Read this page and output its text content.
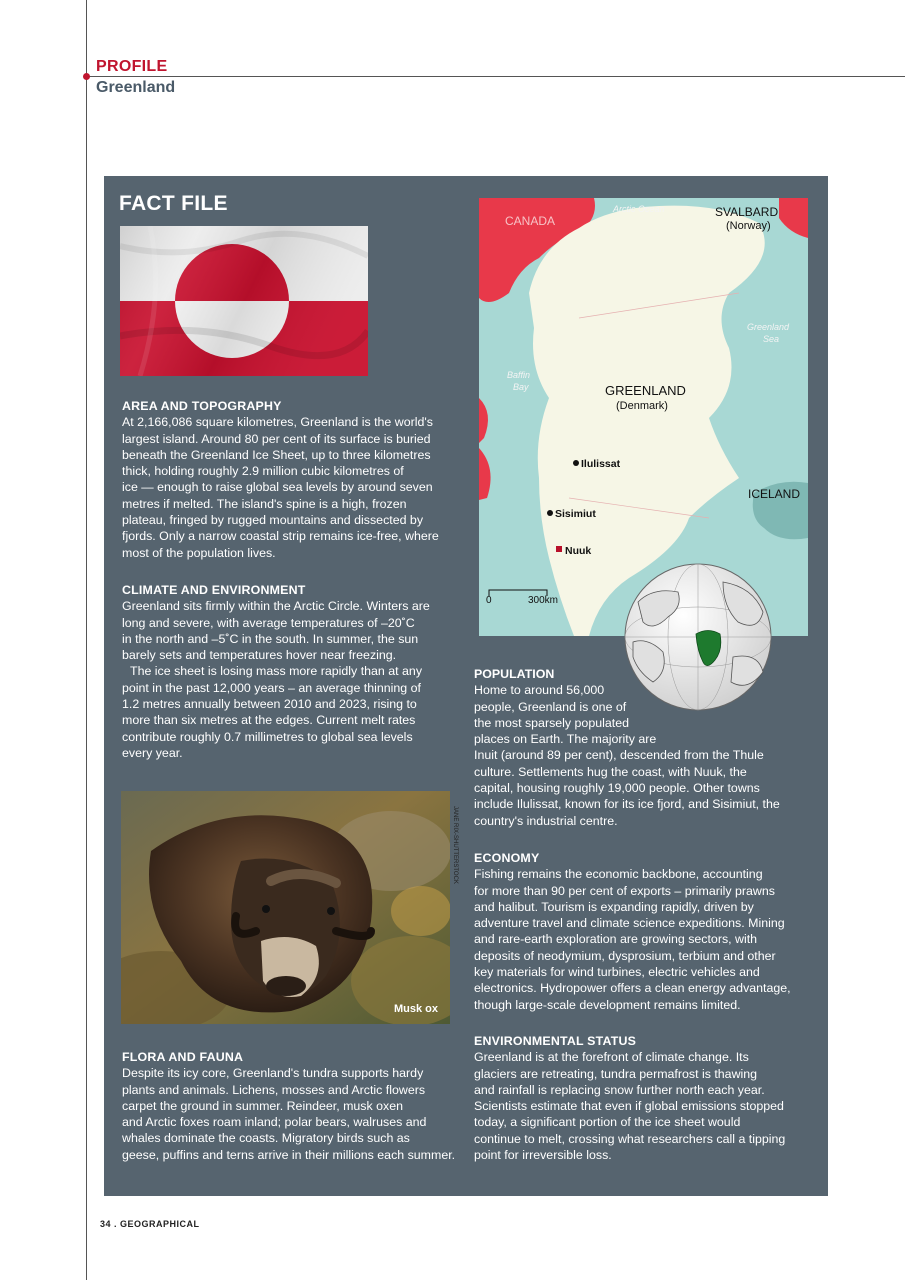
PROFILE
Greenland
FACT FILE
AREA AND TOPOGRAPHY

At 2,166,086 square kilometres, Greenland is the world's

largest island. Around 80 per cent of its surface is buried

beneath the Greenland Ice Sheet, up to three kilometres

thick, holding roughly 2.9 million cubic kilometres of

ice — enough to raise global sea levels by around seven

metres if melted. The island's spine is a high, frozen

plateau, fringed by rugged mountains and dissected by

fjords. Only a narrow coastal strip remains ice-free, where

most of the population lives.

CLIMATE AND ENVIRONMENT

Greenland sits firmly within the Arctic Circle. Winters are

long and severe, with average temperatures of –20˚C

in the north and –5˚C in the south. In summer, the sun

barely sets and temperatures hover near freezing.

The ice sheet is losing mass more rapidly than at any

point in the past 12,000 years – an average thinning of

1.2 metres annually between 2010 and 2023, rising to

more than six metres at the edges. Current melt rates

contribute roughly 0.7 millimetres to global sea levels

every year.

JANE RIX-SHUTTERSTOCK
Musk ox
FLORA AND FAUNA

Despite its icy core, Greenland's tundra supports hardy

plants and animals. Lichens, mosses and Arctic flowers

carpet the ground in summer. Reindeer, musk oxen

and Arctic foxes roam inland; polar bears, walruses and

whales dominate the coasts. Migratory birds such as

geese, puffins and terns arrive in their millions each summer.

CANADA
Arctic Ocean	SVALBARD
(Norway)
Greenland
Sea
Baffin
Bay	GREENLAND
(Denmark)
Ilulissat
Sisimiut
Nuuk
ICELAND
0	300km
POPULATION

Home to around 56,000

people, Greenland is one of

the most sparsely populated

places on Earth. The majority are

Inuit (around 89 per cent), descended from the Thule

culture. Settlements hug the coast, with Nuuk, the

capital, housing roughly 19,000 people. Other towns

include Ilulissat, known for its ice fjord, and Sisimiut, the

country's industrial centre.

ECONOMY

Fishing remains the economic backbone, accounting

for more than 90 per cent of exports – primarily prawns

and halibut. Tourism is expanding rapidly, driven by

adventure travel and climate science expeditions. Mining

and rare-earth exploration are growing sectors, with

deposits of neodymium, dysprosium, terbium and other

key materials for wind turbines, electric vehicles and

electronics. Hydropower offers a clean energy advantage,

though large-scale development remains limited.

ENVIRONMENTAL STATUS

Greenland is at the forefront of climate change. Its

glaciers are retreating, tundra permafrost is thawing

and rainfall is replacing snow further north each year.

Scientists estimate that even if global emissions stopped

today, a significant portion of the ice sheet would

continue to melt, crossing what researchers call a tipping

point for irreversible loss.

34 . GEOGRAPHICAL
